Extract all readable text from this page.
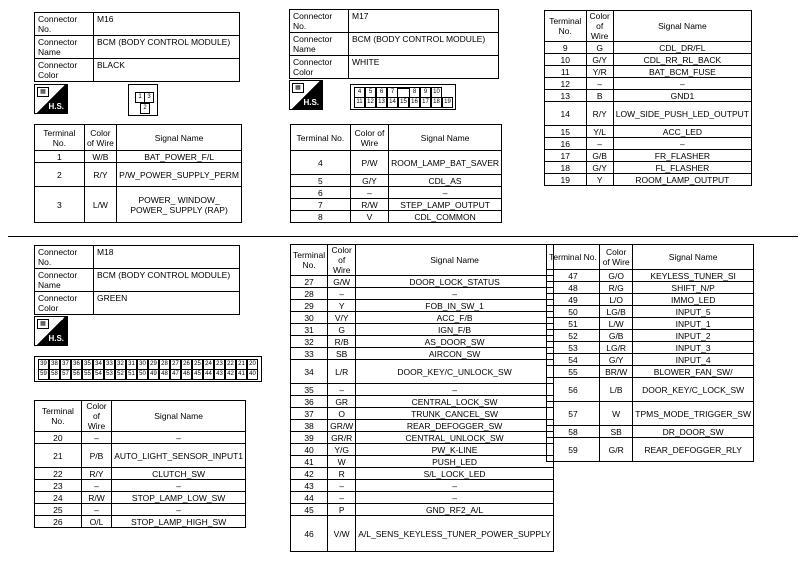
Connector No.	M16
Connector Name	BCM (BODY CONTROL MODULE)
Connector Color	BLACK
▦
H.S.
1 3
2
Terminal No.	Color of Wire	Signal Name
1	W/B	BAT_POWER_F/L
2	R/Y	P/W_POWER_SUPPLY_PERM
3	L/W	POWER_ WINDOW_ POWER_ SUPPLY (RAP)
Connector No.	M17
Connector Name	BCM (BODY CONTROL MODULE)
Connector Color	WHITE
▦
H.S.
4	5	6	7	8	9 10
11 12 13 14 15 16 17 18 19
Terminal No.	Color of Wire	Signal Name
4	P/W	ROOM_LAMP_BAT_SAVER
5	G/Y	CDL_AS
6	–	–
7	R/W	STEP_LAMP_OUTPUT
8	V	CDL_COMMON
Terminal No.	Color of Wire	Signal Name
9	G	CDL_DR/FL
10	G/Y	CDL_RR_RL_BACK
11	Y/R	BAT_BCM_FUSE
12	–	–
13	B	GND1
14	R/Y	LOW_SIDE_PUSH_LED_OUTPUT
15	Y/L	ACC_LED
16	–	–
17	G/B	FR_FLASHER
18	G/Y	FL_FLASHER
19	Y	ROOM_LAMP_OUTPUT
Connector No.	M18
Connector Name	BCM (BODY CONTROL MODULE)
Connector Color	GREEN
▦
H.S.
39 38 37 36 35 34 33 32 31 30 29 28 27 26 25 24 23 22 21 20
59 58 57 56 55 54 53 52 51 50 49 48 47 46 45 44 43 42 41 40
Terminal No.	Color of Wire	Signal Name
20	–	–
21	P/B	AUTO_LIGHT_SENSOR_INPUT1
22	R/Y	CLUTCH_SW
23	–	–
24	R/W	STOP_LAMP_LOW_SW
25	–	–
26	O/L	STOP_LAMP_HIGH_SW
Terminal No.	Color of Wire	Signal Name
27	G/W	DOOR_LOCK_STATUS
28	–	–
29	Y	FOB_IN_SW_1
30	V/Y	ACC_F/B
31	G	IGN_F/B
32	R/B	AS_DOOR_SW
33	SB	AIRCON_SW
34	L/R	DOOR_KEY/C_UNLOCK_SW
35	–	–
36	GR	CENTRAL_LOCK_SW
37	O	TRUNK_CANCEL_SW
38	GR/W	REAR_DEFOGGER_SW
39	GR/R	CENTRAL_UNLOCK_SW
40	Y/G	PW_K-LINE
41	W	PUSH_LED
42	R	S/L_LOCK_LED
43	–	–
44	–	–
45	P	GND_RF2_A/L
46	V/W	A/L_SENS_KEYLESS_TUNER_POWER_SUPPLY
Terminal No.	Color of Wire	Signal Name
47	G/O	KEYLESS_TUNER_SI
48	R/G	SHIFT_N/P
49	L/O	IMMO_LED
50	LG/B	INPUT_5
51	L/W	INPUT_1
52	G/B	INPUT_2
53	LG/R	INPUT_3
54	G/Y	INPUT_4
55	BR/W	BLOWER_FAN_SW/
56	L/B	DOOR_KEY/C_LOCK_SW
57	W	TPMS_MODE_TRIGGER_SW
58	SB	DR_DOOR_SW
59	G/R	REAR_DEFOGGER_RLY
